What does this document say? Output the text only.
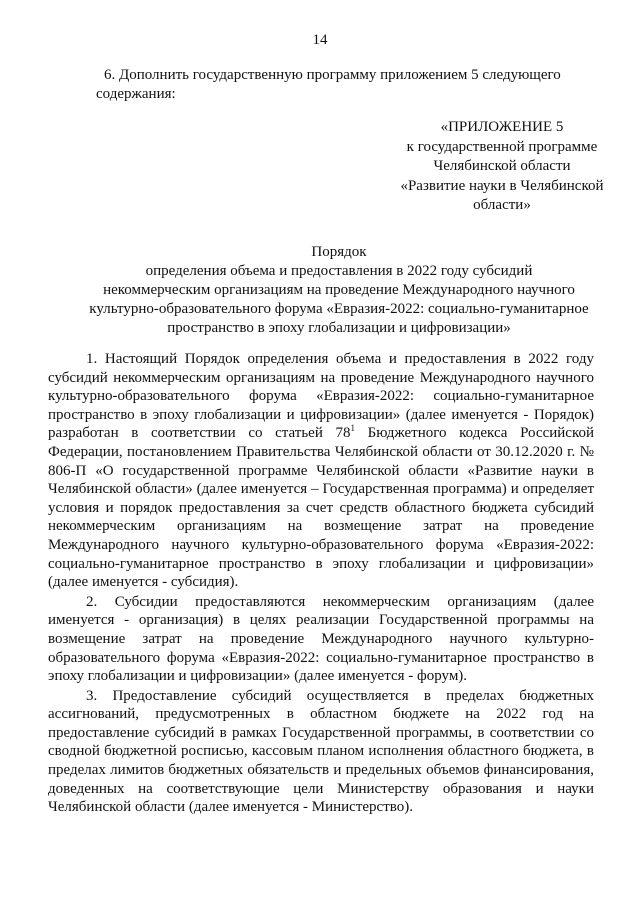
14
6. Дополнить государственную программу приложением 5 следующего
содержания:
«ПРИЛОЖЕНИЕ 5
к государственной программе
Челябинской области
«Развитие науки в Челябинской
области»
Порядок
определения объема и предоставления в 2022 году субсидий
некоммерческим организациям на проведение Международного научного
культурно-образовательного форума «Евразия-2022: социально-гуманитарное
пространство в эпоху глобализации и цифровизации»

1. Настоящий Порядок определения объема и предоставления в 2022 году субсидий некоммерческим организациям на проведение Международного научного культурно-образовательного форума «Евразия-2022: социально-гуманитарное пространство в эпоху глобализации и цифровизации» (далее именуется - Порядок) разработан в соответствии со статьей $78^1$ Бюджетного кодекса Российской Федерации, постановлением Правительства Челябинской области от 30.12.2020 г. № 806-П «О государственной программе Челябинской области «Развитие науки в Челябинской области» (далее именуется – Государственная программа) и определяет условия и порядок предоставления за счет средств областного бюджета субсидий некоммерческим организациям на возмещение затрат на проведение Международного научного культурно-образовательного форума «Евразия-2022: социально-гуманитарное пространство в эпоху глобализации и цифровизации» (далее именуется - субсидия).

2. Субсидии предоставляются некоммерческим организациям (далее именуется - организация) в целях реализации Государственной программы на возмещение затрат на проведение Международного научного культурно-образовательного форума «Евразия-2022: социально-гуманитарное пространство в эпоху глобализации и цифровизации» (далее именуется - форум).

3. Предоставление субсидий осуществляется в пределах бюджетных ассигнований, предусмотренных в областном бюджете на 2022 год на предоставление субсидий в рамках Государственной программы, в соответствии со сводной бюджетной росписью, кассовым планом исполнения областного бюджета, в пределах лимитов бюджетных обязательств и предельных объемов финансирования, доведенных на соответствующие цели Министерству образования и науки Челябинской области (далее именуется - Министерство).
